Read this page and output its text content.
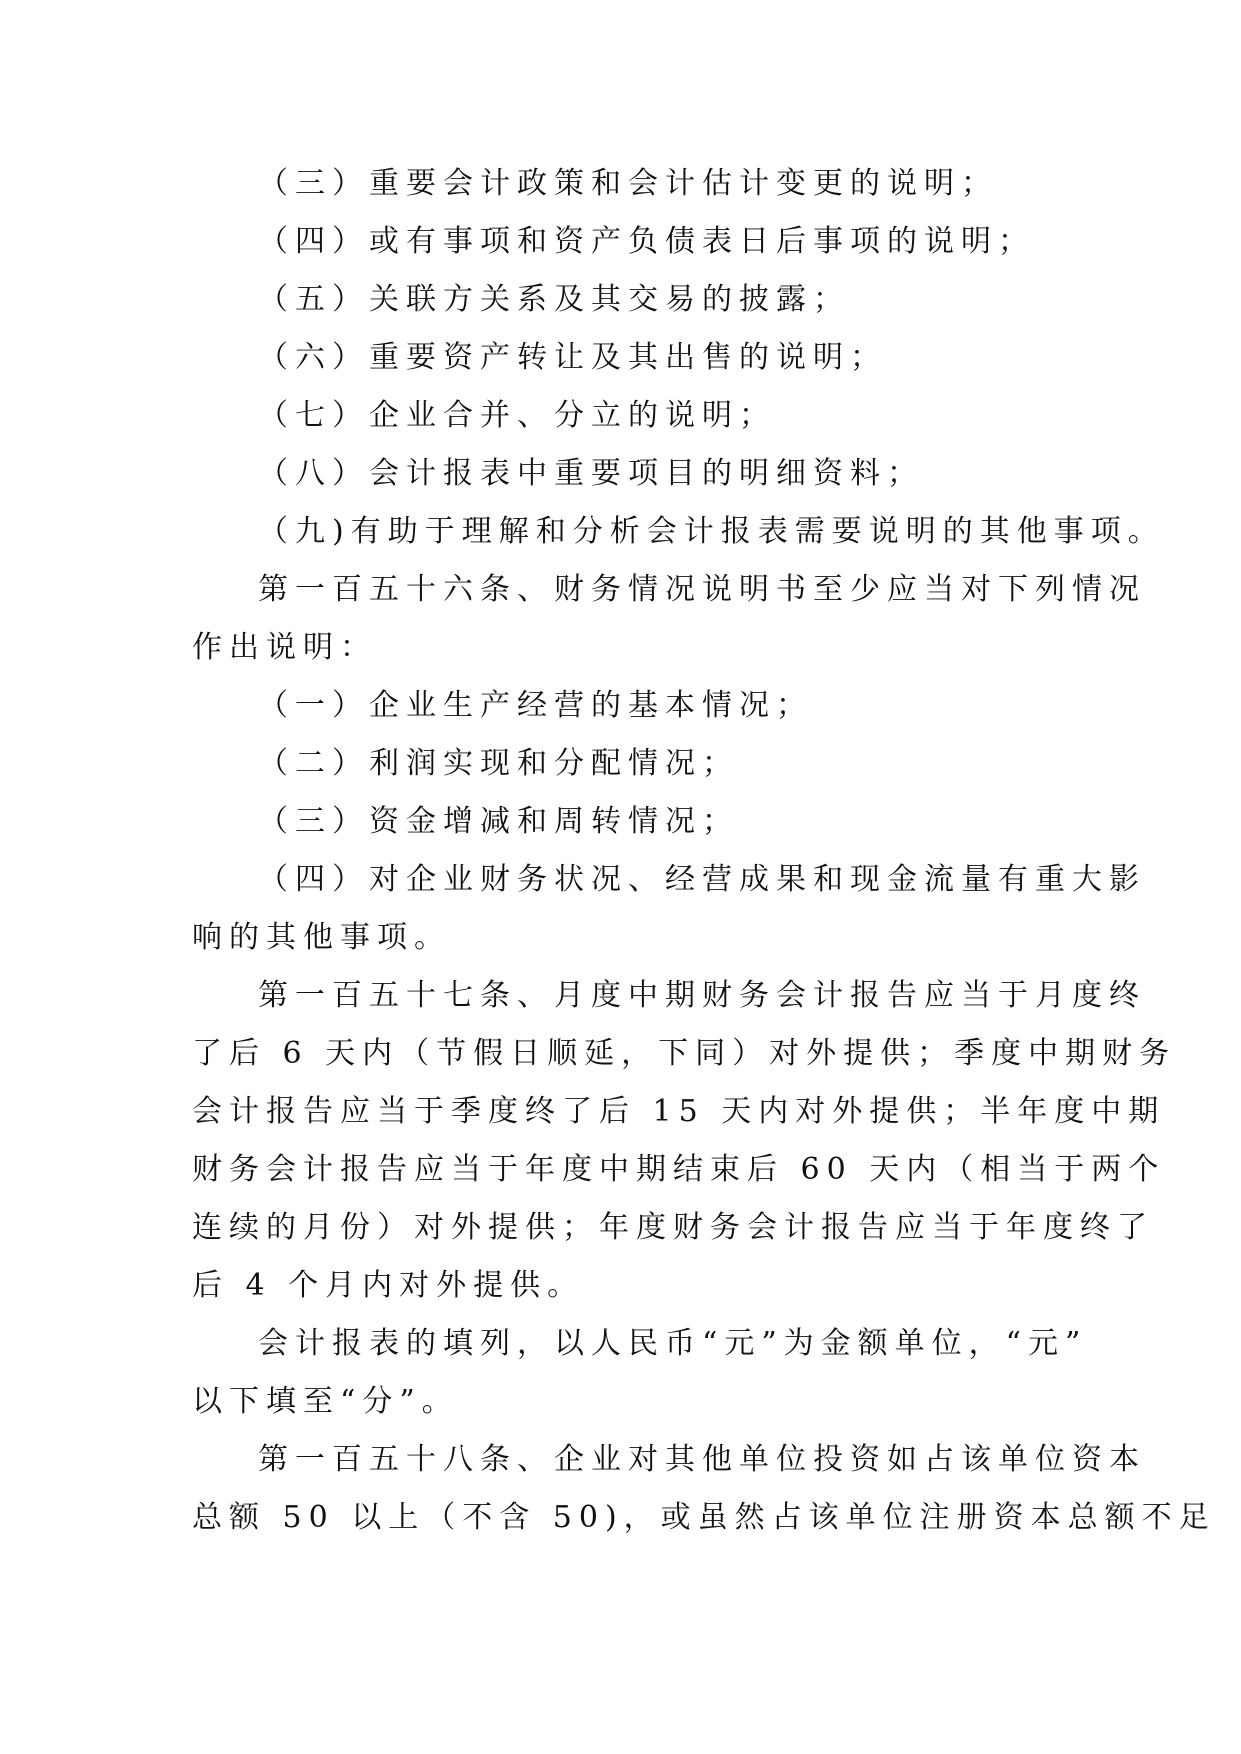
（三）重要会计政策和会计估计变更的说明；
（四）或有事项和资产负债表日后事项的说明；
（五）关联方关系及其交易的披露；
（六）重要资产转让及其出售的说明；
（七）企业合并、分立的说明；
（八）会计报表中重要项目的明细资料；
（九)有助于理解和分析会计报表需要说明的其他事项。
第一百五十六条、财务情况说明书至少应当对下列情况
作出说明：
（一）企业生产经营的基本情况；
（二）利润实现和分配情况；
（三）资金增减和周转情况；
（四）对企业财务状况、经营成果和现金流量有重大影
响的其他事项。
第一百五十七条、月度中期财务会计报告应当于月度终
了后 6 天内（节假日顺延，下同）对外提供；季度中期财务
会计报告应当于季度终了后 15 天内对外提供；半年度中期
财务会计报告应当于年度中期结束后 60 天内（相当于两个
连续的月份）对外提供；年度财务会计报告应当于年度终了
后 4 个月内对外提供。
会计报表的填列，以人民币“元”为金额单位，“元”
以下填至“分”。
第一百五十八条、企业对其他单位投资如占该单位资本
总额 50 以上（不含 50)，或虽然占该单位注册资本总额不足
